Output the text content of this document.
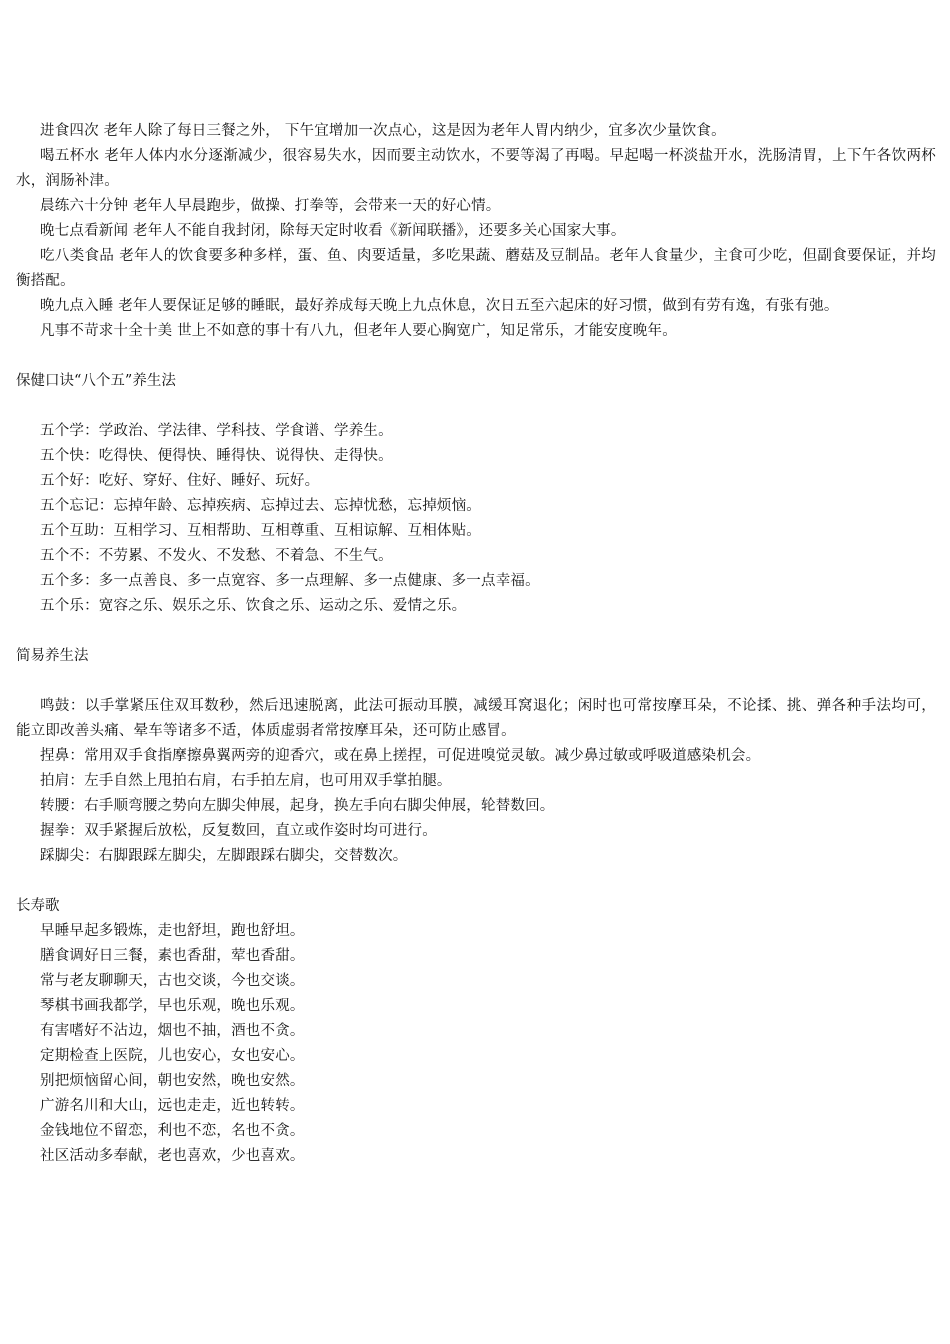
进食四次 老年人除了每日三餐之外， 下午宜增加一次点心，这是因为老年人胃内纳少，宜多次少量饮食。
喝五杯水 老年人体内水分逐渐减少，很容易失水，因而要主动饮水，不要等渴了再喝。早起喝一杯淡盐开水，洗肠清胃，上下午各饮两杯水，润肠补津。
晨练六十分钟 老年人早晨跑步，做操、打拳等，会带来一天的好心情。
晚七点看新闻 老年人不能自我封闭，除每天定时收看《新闻联播》，还要多关心国家大事。
吃八类食品 老年人的饮食要多种多样，蛋、鱼、肉要适量，多吃果蔬、蘑菇及豆制品。老年人食量少，主食可少吃，但副食要保证，并均衡搭配。
晚九点入睡 老年人要保证足够的睡眠，最好养成每天晚上九点休息，次日五至六起床的好习惯，做到有劳有逸，有张有弛。
凡事不苛求十全十美 世上不如意的事十有八九，但老年人要心胸宽广，知足常乐，才能安度晚年。
保健口诀“八个五”养生法
五个学：学政治、学法律、学科技、学食谱、学养生。
五个快：吃得快、便得快、睡得快、说得快、走得快。
五个好：吃好、穿好、住好、睡好、玩好。
五个忘记：忘掉年龄、忘掉疾病、忘掉过去、忘掉忧愁，忘掉烦恼。
五个互助：互相学习、互相帮助、互相尊重、互相谅解、互相体贴。
五个不：不劳累、不发火、不发愁、不着急、不生气。
五个多：多一点善良、多一点宽容、多一点理解、多一点健康、多一点幸福。
五个乐：宽容之乐、娱乐之乐、饮食之乐、运动之乐、爱情之乐。
简易养生法
鸣鼓：以手掌紧压住双耳数秒，然后迅速脱离，此法可振动耳膜，减缓耳窝退化；闲时也可常按摩耳朵，不论揉、挑、弹各种手法均可，能立即改善头痛、晕车等诸多不适，体质虚弱者常按摩耳朵，还可防止感冒。
捏鼻：常用双手食指摩擦鼻翼两旁的迎香穴，或在鼻上搓捏，可促进嗅觉灵敏。减少鼻过敏或呼吸道感染机会。
拍肩：左手自然上甩拍右肩，右手拍左肩，也可用双手掌拍腿。
转腰：右手顺弯腰之势向左脚尖伸展，起身，换左手向右脚尖伸展，轮替数回。
握拳：双手紧握后放松，反复数回，直立或作姿时均可进行。
踩脚尖：右脚跟踩左脚尖，左脚跟踩右脚尖，交替数次。
长寿歌
早睡早起多锻炼，走也舒坦，跑也舒坦。
膳食调好日三餐，素也香甜，荤也香甜。
常与老友聊聊天，古也交谈，今也交谈。
琴棋书画我都学，早也乐观，晚也乐观。
有害嗜好不沾边，烟也不抽，酒也不贪。
定期检查上医院，儿也安心，女也安心。
别把烦恼留心间，朝也安然，晚也安然。
广游名川和大山，远也走走，近也转转。
金钱地位不留恋，利也不恋，名也不贪。
社区活动多奉献，老也喜欢，少也喜欢。
